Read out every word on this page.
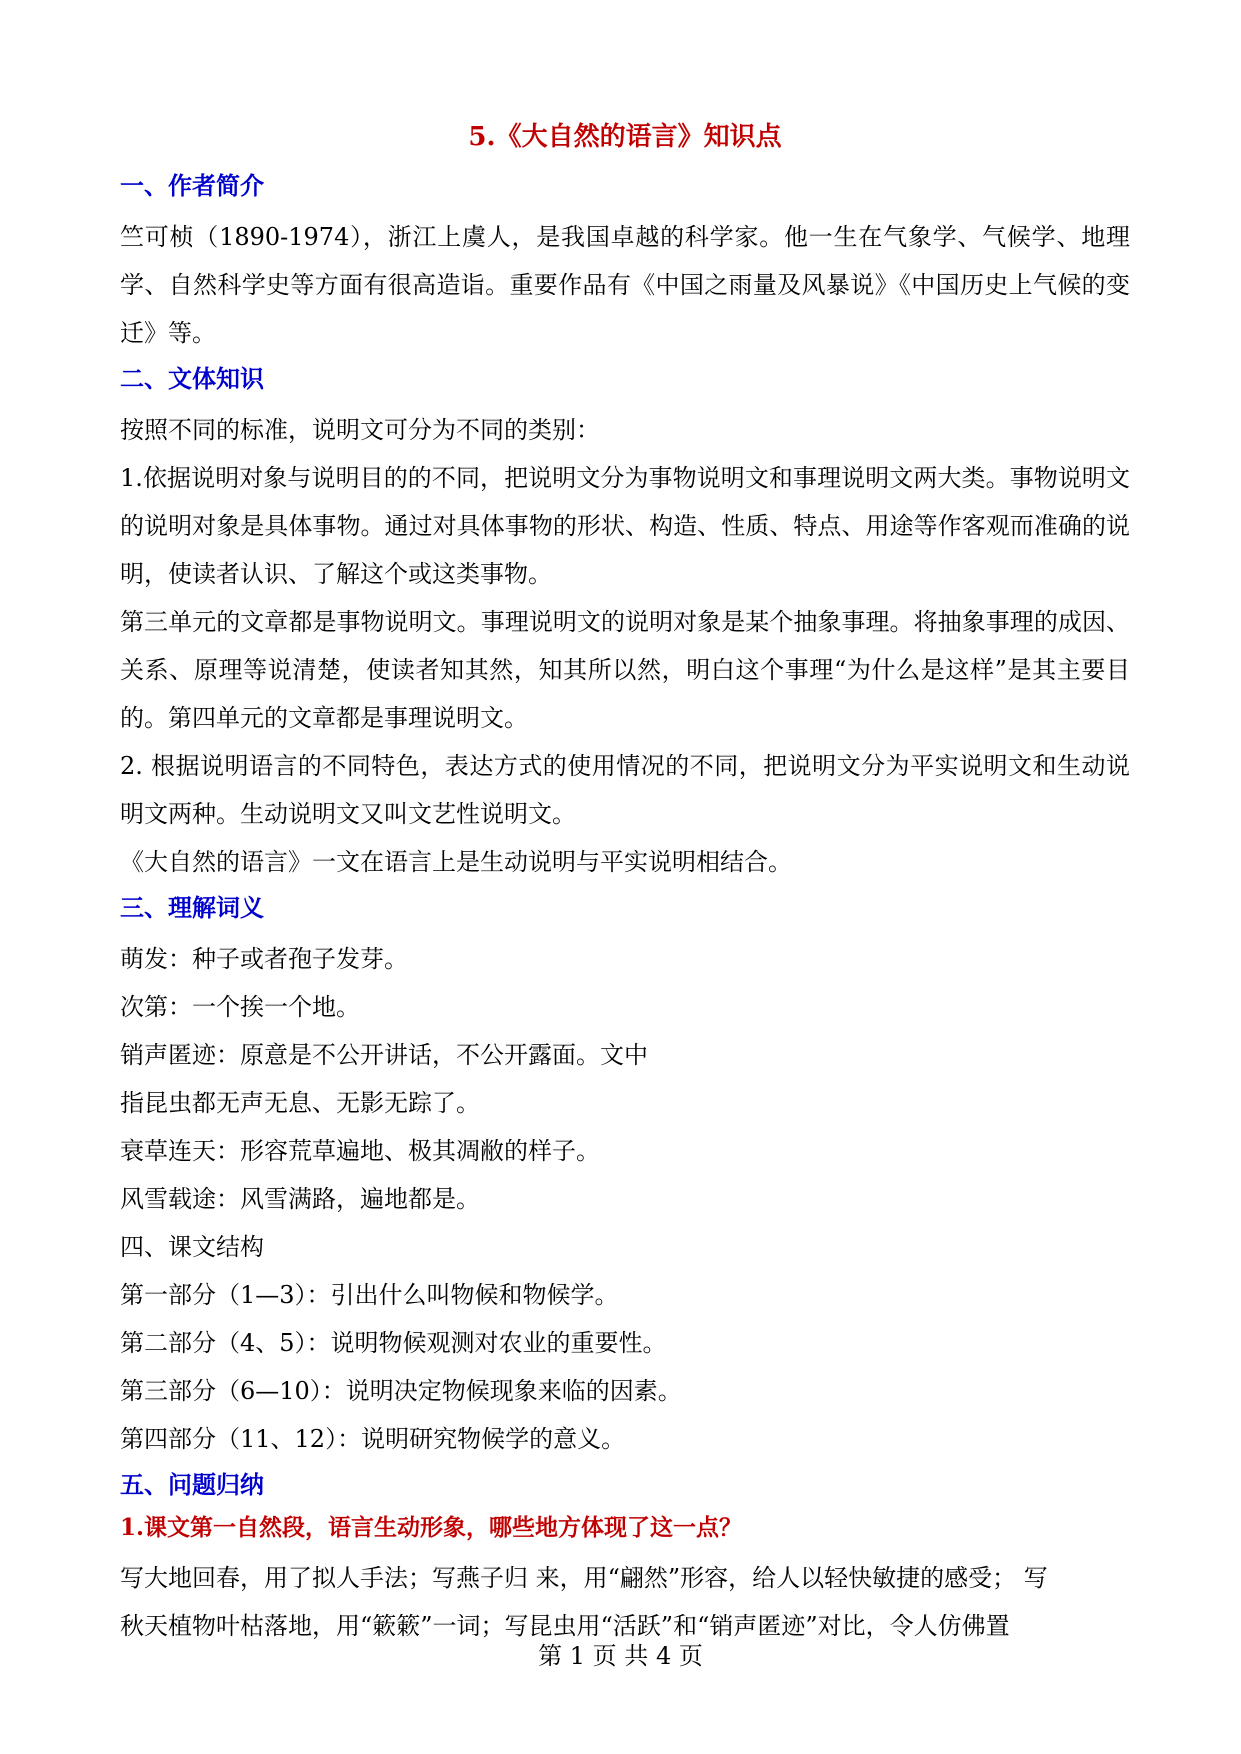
5.《大自然的语言》知识点
一、作者简介

竺可桢（1890-1974），浙江上虞人，是我国卓越的科学家。他一生在气象学、气候学、地理学、自然科学史等方面有很高造诣。重要作品有《中国之雨量及风暴说》《中国历史上气候的变迁》等。

二、文体知识

按照不同的标准，说明文可分为不同的类别：

1.依据说明对象与说明目的的不同，把说明文分为事物说明文和事理说明文两大类。事物说明文的说明对象是具体事物。通过对具体事物的形状、构造、性质、特点、用途等作客观而准确的说明，使读者认识、了解这个或这类事物。

第三单元的文章都是事物说明文。事理说明文的说明对象是某个抽象事理。将抽象事理的成因、关系、原理等说清楚，使读者知其然，知其所以然，明白这个事理“为什么是这样”是其主要目的。第四单元的文章都是事理说明文。

2. 根据说明语言的不同特色，表达方式的使用情况的不同，把说明文分为平实说明文和生动说明文两种。生动说明文又叫文艺性说明文。

《大自然的语言》一文在语言上是生动说明与平实说明相结合。

三、理解词义

萌发：种子或者孢子发芽。

次第：一个挨一个地。

销声匿迹：原意是不公开讲话，不公开露面。文中

指昆虫都无声无息、无影无踪了。

衰草连天：形容荒草遍地、极其凋敝的样子。

风雪载途：风雪满路，遍地都是。

四、课文结构

第一部分（1—3）：引出什么叫物候和物候学。

第二部分（4、5）：说明物候观测对农业的重要性。

第三部分（6—10）：说明决定物候现象来临的因素。

第四部分（11、12）：说明研究物候学的意义。

五、问题归纳
1.课文第一自然段，语言生动形象，哪些地方体现了这一点？

写大地回春，用了拟人手法；写燕子归 来，用“翩然”形容，给人以轻快敏捷的感受； 写

秋天植物叶枯落地，用“簌簌”一词；写昆虫用“活跃”和“销声匿迹”对比，令人仿佛置

第 1 页 共 4 页
